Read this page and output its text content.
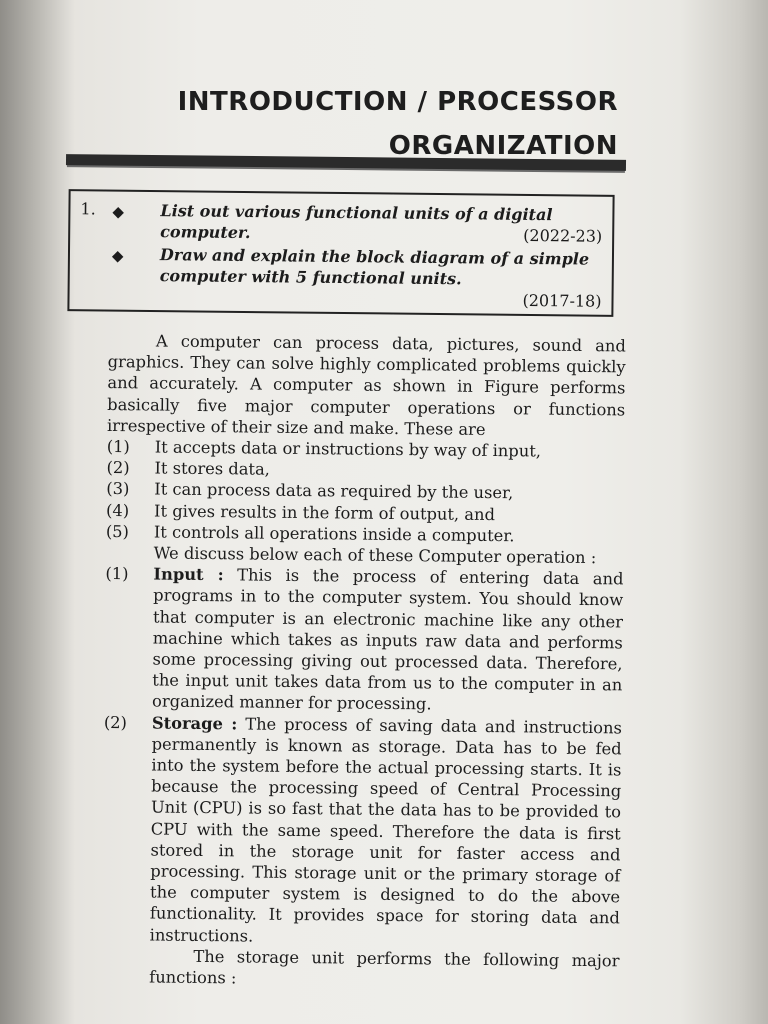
INTRODUCTION / PROCESSOR
ORGANIZATION
1. ◆ List out various functional units of a digital computer.	(2022-23)
◆ Draw and explain the block diagram of a simple computer with 5 functional units.
(2017-18)

A computer can process data, pictures, sound and graphics. They can solve highly complicated problems quickly and accurately. A computer as shown in Figure performs basically five major computer operations or functions irrespective of their size and make. These are

(1) It accepts data or instructions by way of input,

(2) It stores data,

(3) It can process data as required by the user,

(4) It gives results in the form of output, and

(5) It controls all operations inside a computer.

We discuss below each of these Computer operation :

(1) Input : This is the process of entering data and programs in to the computer system. You should know that computer is an electronic machine like any other machine which takes as inputs raw data and performs some processing giving out processed data. Therefore, the input unit takes data from us to the computer in an organized manner for processing.

(2) Storage : The process of saving data and instructions permanently is known as storage. Data has to be fed into the system before the actual processing starts. It is because the processing speed of Central Processing Unit (CPU) is so fast that the data has to be provided to CPU with the same speed. Therefore the data is first stored in the storage unit for faster access and processing. This storage unit or the primary storage of the computer system is designed to do the above functionality. It provides space for storing data and instructions.

The storage unit performs the following major functions :
